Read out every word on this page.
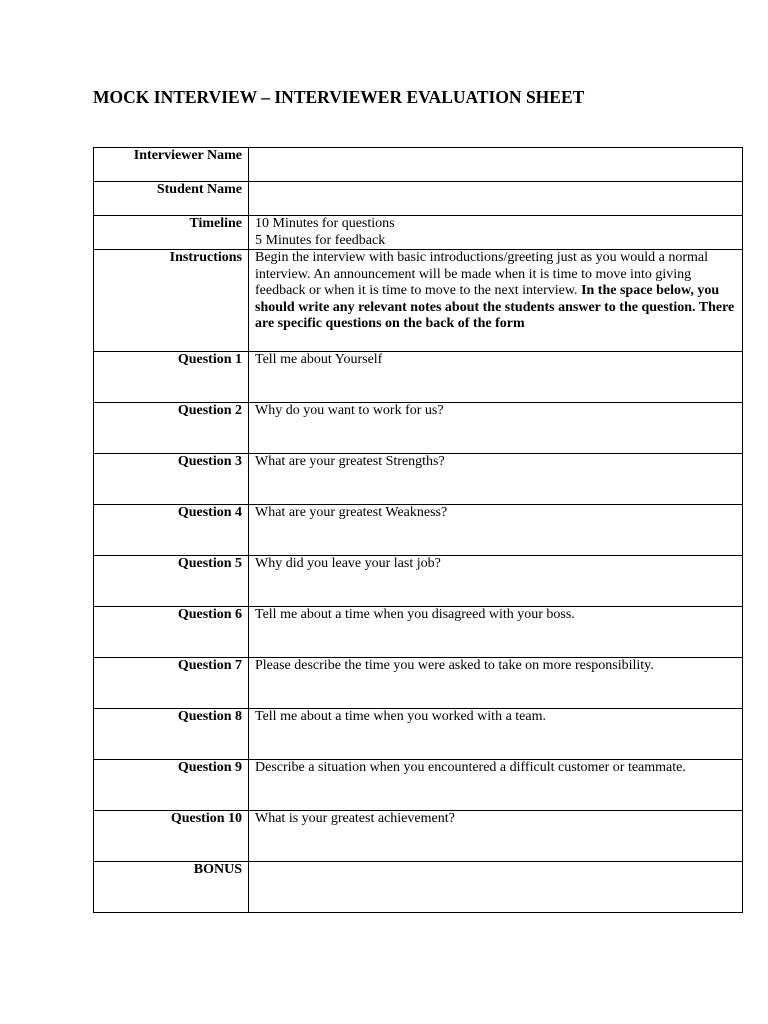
MOCK INTERVIEW – INTERVIEWER EVALUATION SHEET
Interviewer Name	
Student Name	
Timeline	10 Minutes for questions
5 Minutes for feedback

Instructions	Begin the interview with basic introductions/greeting just as you would a normal interview. An announcement will be made when it is time to move into giving feedback or when it is time to move to the next interview. In the space below, you should write any relevant notes about the students answer to the question. There are specific questions on the back of the form
Question 1	Tell me about Yourself
Question 2	Why do you want to work for us?
Question 3	What are your greatest Strengths?
Question 4	What are your greatest Weakness?
Question 5	Why did you leave your last job?
Question 6	Tell me about a time when you disagreed with your boss.
Question 7	Please describe the time you were asked to take on more responsibility.
Question 8	Tell me about a time when you worked with a team.
Question 9	Describe a situation when you encountered a difficult customer or teammate.
Question 10	What is your greatest achievement?
BONUS	
